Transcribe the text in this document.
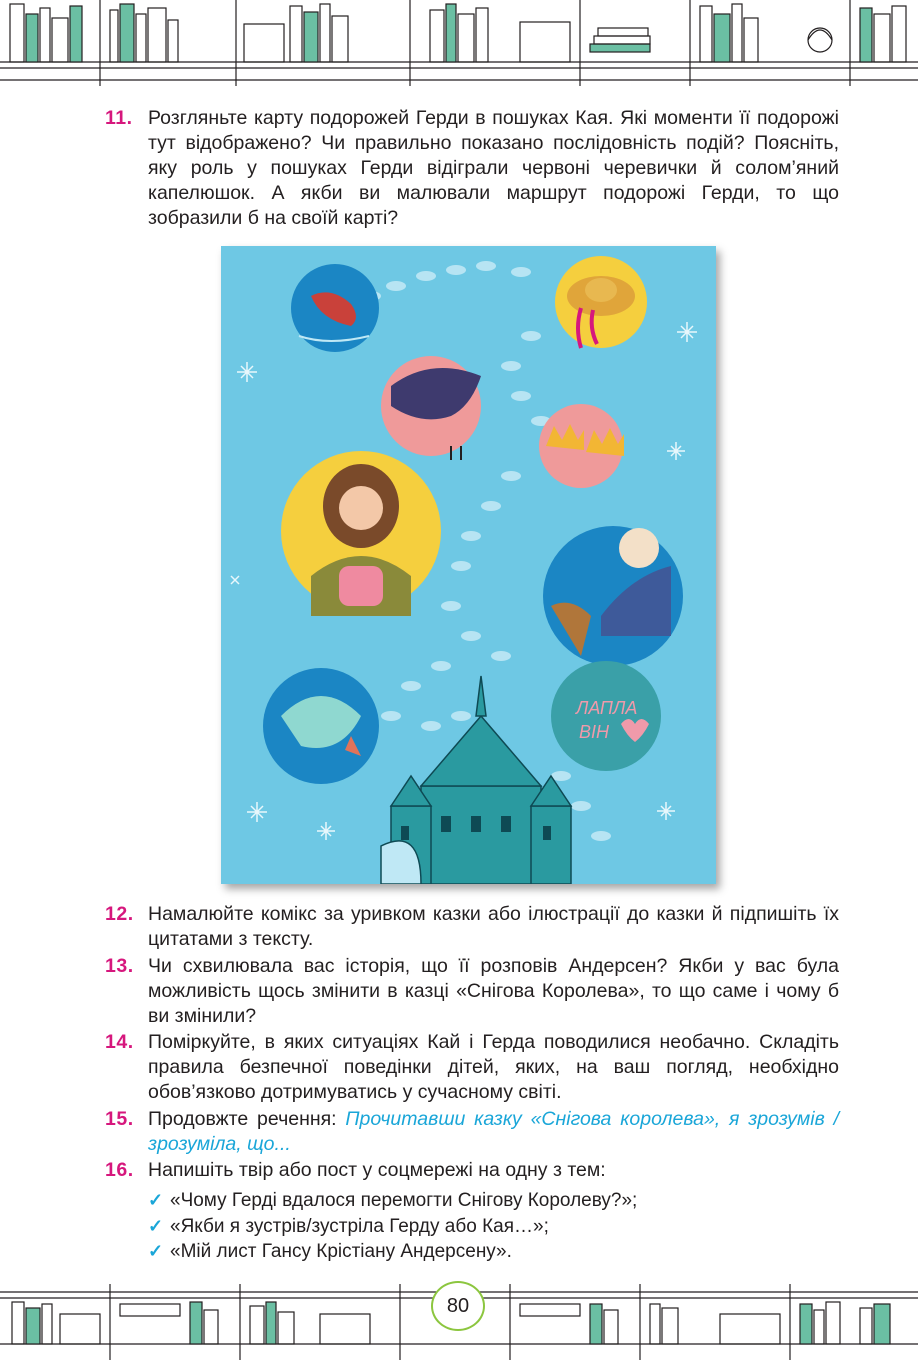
11. Розгляньте карту подорожей Герди в пошуках Кая. Які моменти її подорожі тут відображено? Чи правильно показано послідовність подій? Поясніть, яку роль у пошуках Герди відіграли червоні черевички й солом’яний капелюшок. А якби ви малювали маршрут подорожі Герди, то що зобразили б на своїй карті?
ЛАПЛА
ВІН
12. Намалюйте комікс за уривком казки або ілюстрації до казки й підпишіть їх цитатами з тексту.
13. Чи схвилювала вас історія, що її розповів Андерсен? Якби у вас була можливість щось змінити в казці «Снігова Королева», то що саме і чому б ви змінили?
14. Поміркуйте, в яких ситуаціях Кай і Герда поводилися необачно. Складіть правила безпечної поведінки дітей, яких, на ваш погляд, необхідно обов’язково дотримуватись у сучасному світі.
15. Продовжте речення: Прочитавши казку «Снігова королева», я зрозумів / зрозуміла, що...
16. Напишіть твір або пост у соцмережі на одну з тем:
✓ «Чому Герді вдалося перемогти Снігову Королеву?»;
✓ «Якби я зустрів/зустріла Герду або Кая…»;
✓ «Мій лист Гансу Крістіану Андерсену».
80
